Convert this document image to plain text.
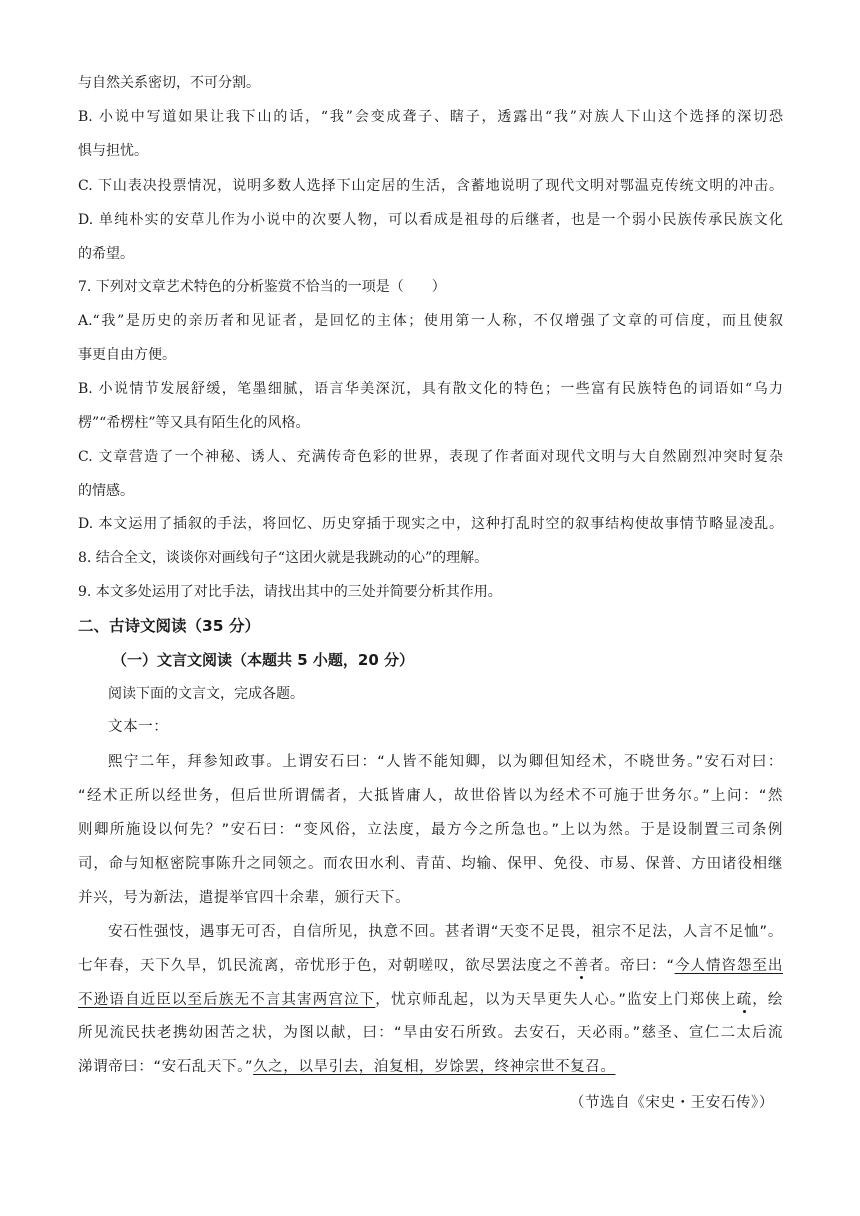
与自然关系密切，不可分割。
B. 小说中写道如果让我下山的话，“我”会变成聋子、瞎子，透露出“我”对族人下山这个选择的深切恐
惧与担忧。
C. 下山表决投票情况，说明多数人选择下山定居的生活，含蓄地说明了现代文明对鄂温克传统文明的冲击。
D. 单纯朴实的安草儿作为小说中的次要人物，可以看成是祖母的后继者，也是一个弱小民族传承民族文化
的希望。
7. 下列对文章艺术特色的分析鉴赏不恰当的一项是（　　）
A.“我”是历史的亲历者和见证者，是回忆的主体；使用第一人称，不仅增强了文章的可信度，而且使叙
事更自由方便。
B. 小说情节发展舒缓，笔墨细腻，语言华美深沉，具有散文化的特色；一些富有民族特色的词语如“乌力
楞”“希楞柱”等又具有陌生化的风格。
C. 文章营造了一个神秘、诱人、充满传奇色彩的世界，表现了作者面对现代文明与大自然剧烈冲突时复杂
的情感。
D. 本文运用了插叙的手法，将回忆、历史穿插于现实之中，这种打乱时空的叙事结构使故事情节略显凌乱。
8. 结合全文，谈谈你对画线句子“这团火就是我跳动的心”的理解。
9. 本文多处运用了对比手法，请找出其中的三处并简要分析其作用。
二、古诗文阅读（35 分）
（一）文言文阅读（本题共 5 小题，20 分）
阅读下面的文言文，完成各题。
文本一：
熙宁二年，拜参知政事。上谓安石曰：“人皆不能知卿，以为卿但知经术，不晓世务。”安石对曰：
“经术正所以经世务，但后世所谓儒者，大抵皆庸人，故世俗皆以为经术不可施于世务尔。”上问：“然
则卿所施设以何先？”安石曰：“变风俗，立法度，最方今之所急也。”上以为然。于是设制置三司条例
司，命与知枢密院事陈升之同领之。而农田水利、青苗、均输、保甲、免役、市易、保普、方田诸役相继
并兴，号为新法，遣提举官四十余辈，颁行天下。
安石性强忮，遇事无可否，自信所见，执意不回。甚者谓“天变不足畏，祖宗不足法，人言不足恤”。
七年春，天下久旱，饥民流离，帝忧形于色，对朝嗟叹，欲尽罢法度之不善者。帝曰：“今人情咨怨至出
不逊语自近臣以至后族无不言其害两宫泣下，忧京师乱起，以为天旱更失人心。”监安上门郑侠上疏，绘
所见流民扶老携幼困苦之状，为图以献，曰：“旱由安石所致。去安石，天必雨。”慈圣、宣仁二太后流
涕谓帝曰：“安石乱天下。”久之，以旱引去，洎复相，岁馀罢，终神宗世不复召。
（节选自《宋史・王安石传》）
